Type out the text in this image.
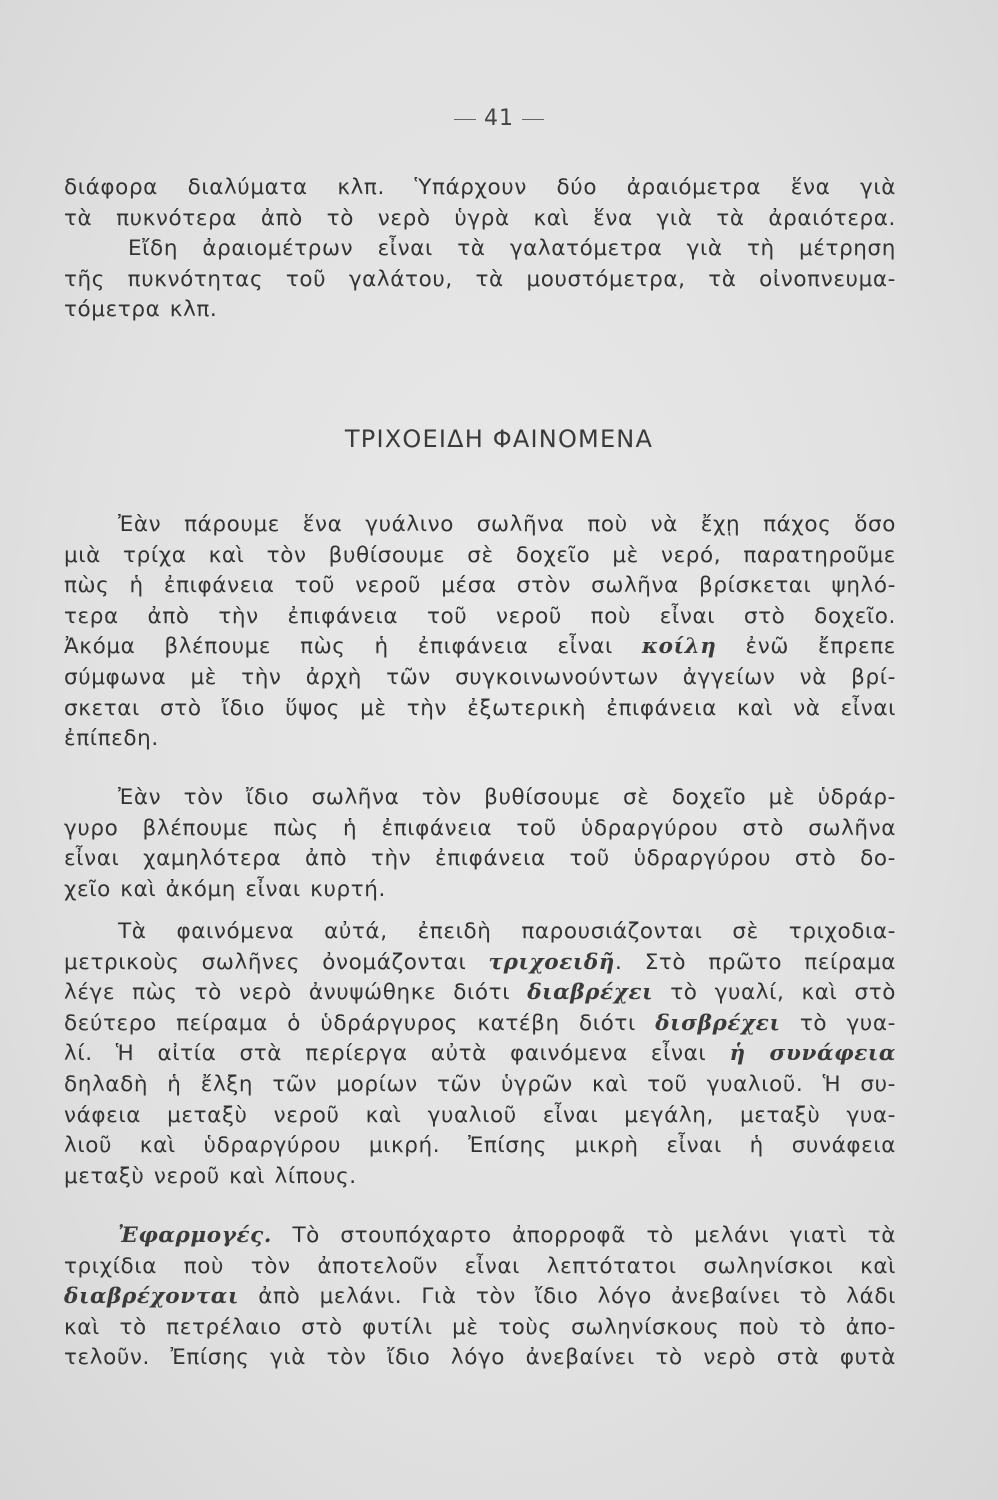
41
διάφορα διαλύματα κλπ. Ὑπάρχουν δύο ἀραιόμετρα ἕνα γιὰ
τὰ πυκνότερα ἀπὸ τὸ νερὸ ὑγρὰ καὶ ἕνα γιὰ τὰ ἀραιότερα.
Εἴδη ἀραιομέτρων εἶναι τὰ γαλατόμετρα γιὰ τὴ μέτρηση
τῆς πυκνότητας τοῦ γαλάτου, τὰ μουστόμετρα, τὰ οἰνοπνευμα-
τόμετρα κλπ.
ΤΡΙΧΟΕΙΔΗ ΦΑΙΝΟΜΕΝΑ
Ἐὰν πάρουμε ἕνα γυάλινο σωλῆνα ποὺ νὰ ἔχῃ πάχος ὅσο
μιὰ τρίχα καὶ τὸν βυθίσουμε σὲ δοχεῖο μὲ νερό, παρατηροῦμε
πὼς ἡ ἐπιφάνεια τοῦ νεροῦ μέσα στὸν σωλῆνα βρίσκεται ψηλό-
τερα ἀπὸ τὴν ἐπιφάνεια τοῦ νεροῦ ποὺ εἶναι στὸ δοχεῖο.
Ἀκόμα βλέπουμε πὼς ἡ ἐπιφάνεια εἶναι κοίλη ἐνῶ ἔπρεπε
σύμφωνα μὲ τὴν ἀρχὴ τῶν συγκοινωνούντων ἀγγείων νὰ βρί-
σκεται στὸ ἴδιο ὕψος μὲ τὴν ἐξωτερικὴ ἐπιφάνεια καὶ νὰ εἶναι
ἐπίπεδη.
Ἐὰν τὸν ἴδιο σωλῆνα τὸν βυθίσουμε σὲ δοχεῖο μὲ ὑδράρ-
γυρο βλέπουμε πὼς ἡ ἐπιφάνεια τοῦ ὑδραργύρου στὸ σωλῆνα
εἶναι χαμηλότερα ἀπὸ τὴν ἐπιφάνεια τοῦ ὑδραργύρου στὸ δο-
χεῖο καὶ ἀκόμη εἶναι κυρτή.
Τὰ φαινόμενα αὐτά, ἐπειδὴ παρουσιάζονται σὲ τριχοδια-
μετρικοὺς σωλῆνες ὀνομάζονται τριχοειδῆ. Στὸ πρῶτο πείραμα
λέγε πὼς τὸ νερὸ ἀνυψώθηκε διότι διαβρέχει τὸ γυαλί, καὶ στὸ
δεύτερο πείραμα ὁ ὑδράργυρος κατέβη διότι δισβρέχει τὸ γυα-
λί. Ἡ αἰτία στὰ περίεργα αὐτὰ φαινόμενα εἶναι ἡ συνάφεια
δηλαδὴ ἡ ἔλξη τῶν μορίων τῶν ὑγρῶν καὶ τοῦ γυαλιοῦ. Ἡ συ-
νάφεια μεταξὺ νεροῦ καὶ γυαλιοῦ εἶναι μεγάλη, μεταξὺ γυα-
λιοῦ καὶ ὑδραργύρου μικρή. Ἐπίσης μικρὴ εἶναι ἡ συνάφεια
μεταξὺ νεροῦ καὶ λίπους.
Ἐφαρμογές. Τὸ στουπόχαρτο ἀπορροφᾶ τὸ μελάνι γιατὶ τὰ
τριχίδια ποὺ τὸν ἀποτελοῦν εἶναι λεπτότατοι σωληνίσκοι καὶ
διαβρέχονται ἀπὸ μελάνι. Γιὰ τὸν ἴδιο λόγο ἀνεβαίνει τὸ λάδι
καὶ τὸ πετρέλαιο στὸ φυτίλι μὲ τοὺς σωληνίσκους ποὺ τὸ ἀπο-
τελοῦν. Ἐπίσης γιὰ τὸν ἴδιο λόγο ἀνεβαίνει τὸ νερὸ στὰ φυτὰ
